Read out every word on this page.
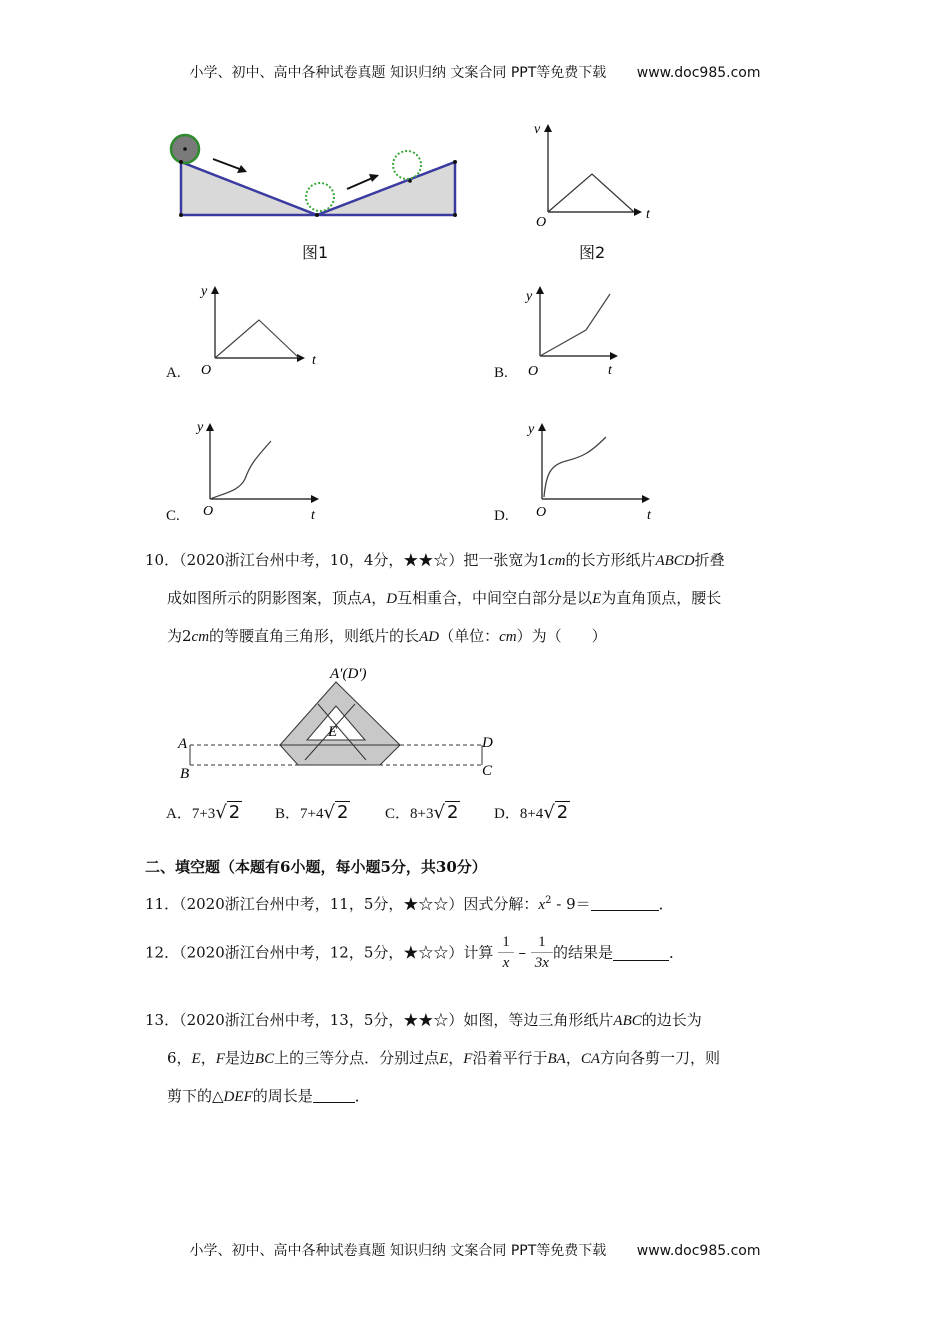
小学、初中、高中各种试卷真题 知识归纳 文案合同 PPT等免费下载 www.doc985.com
图1
v
t
O
图2
A.
y
t
O	B.
y
t
O
C.
y
t
O	D.
y
t
O
10．（2020浙江台州中考，10，4分，★★☆）把一张宽为1cm的长方形纸片ABCD折叠
成如图所示的阴影图案，顶点A，D互相重合，中间空白部分是以E为直角顶点，腰长
为2cm的等腰直角三角形，则纸片的长AD（单位：cm）为（　　）
A′(D′)
E
A
B
D
C
A．7+3√ 2 B．7+4√ 2 C．8+3√ 2 D．8+4√ 2
二、填空题（本题有6小题，每小题5分，共30分）
11．（2020浙江台州中考，11，5分，★☆☆）因式分解：$x^2 - 9=$	．
12．（2020浙江台州中考，12，5分，★☆☆）计算 $\frac{1}{x} - \frac{1}{3x}$ 的结果是	．
13．（2020浙江台州中考，13，5分，★★☆）如图，等边三角形纸片ABC的边长为
6，E，F是边BC上的三等分点．分别过点E，F沿着平行于BA，CA方向各剪一刀，则
剪下的△DEF的周长是	．
小学、初中、高中各种试卷真题 知识归纳 文案合同 PPT等免费下载 www.doc985.com
